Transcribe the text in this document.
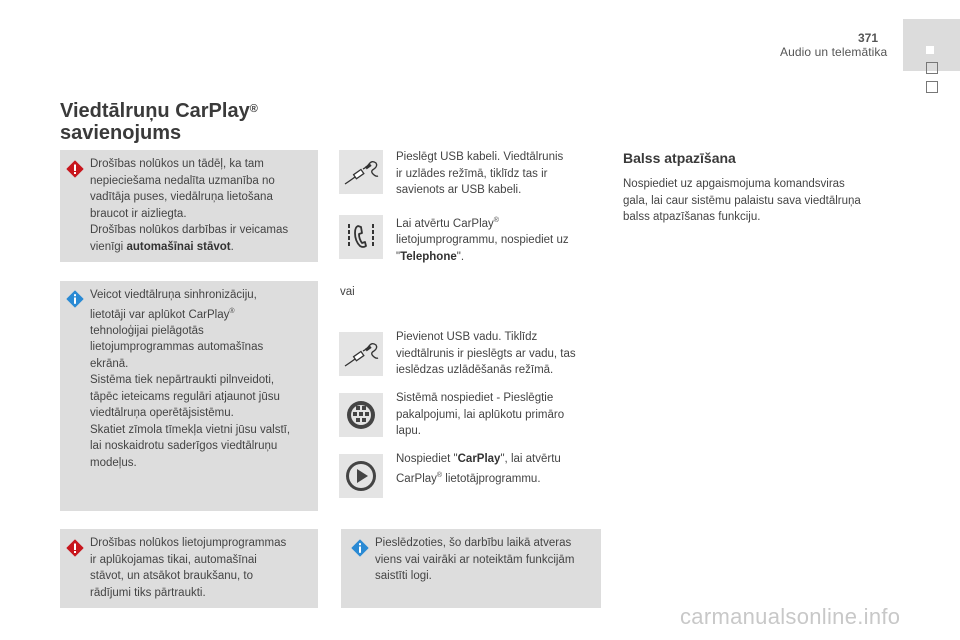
371
Audio un telemātika
Viedtālruņu CarPlay®
savienojums
Drošības nolūkos un tādēļ, ka tam
nepieciešama nedalīta uzmanība no
vadītāja puses, viedālruņa lietošana
braucot ir aizliegta.
Drošības nolūkos darbības ir veicamas
vienīgi automašīnai stāvot.
Veicot viedtālruņa sinhronizāciju,
lietotāji var aplūkot CarPlay®
tehnoloģijai pielāgotās
lietojumprogrammas automašīnas
ekrānā.
Sistēma tiek nepārtraukti pilnveidoti,
tāpēc ieteicams regulāri atjaunot jūsu
viedtālruņa operētājsistēmu.
Skatiet zīmola tīmekļa vietni jūsu valstī,
lai noskaidrotu saderīgos viedtālruņu
modeļus.
Drošības nolūkos lietojumprogrammas
ir aplūkojamas tikai, automašīnai
stāvot, un atsākot braukšanu, to
rādījumi tiks pārtraukti.
Pieslēgt USB kabeli. Viedtālrunis
ir uzlādes režīmā, tiklīdz tas ir
savienots ar USB kabeli.
Lai atvērtu CarPlay®
lietojumprogrammu, nospiediet uz
"Telephone".
vai
Pievienot USB vadu. Tiklīdz
viedtālrunis ir pieslēgts ar vadu, tas
ieslēdzas uzlādēšanās režīmā.
Sistēmā nospiediet - Pieslēgtie
pakalpojumi, lai aplūkotu primāro
lapu.
Nospiediet "CarPlay", lai atvērtu
CarPlay® lietotājprogrammu.
Pieslēdzoties, šo darbību laikā atveras
viens vai vairāki ar noteiktām funkcijām
saistīti logi.
Balss atpazīšana
Nospiediet uz apgaismojuma komandsviras
gala, lai caur sistēmu palaistu sava viedtālruņa
balss atpazīšanas funkciju.
carmanualsonline.info
